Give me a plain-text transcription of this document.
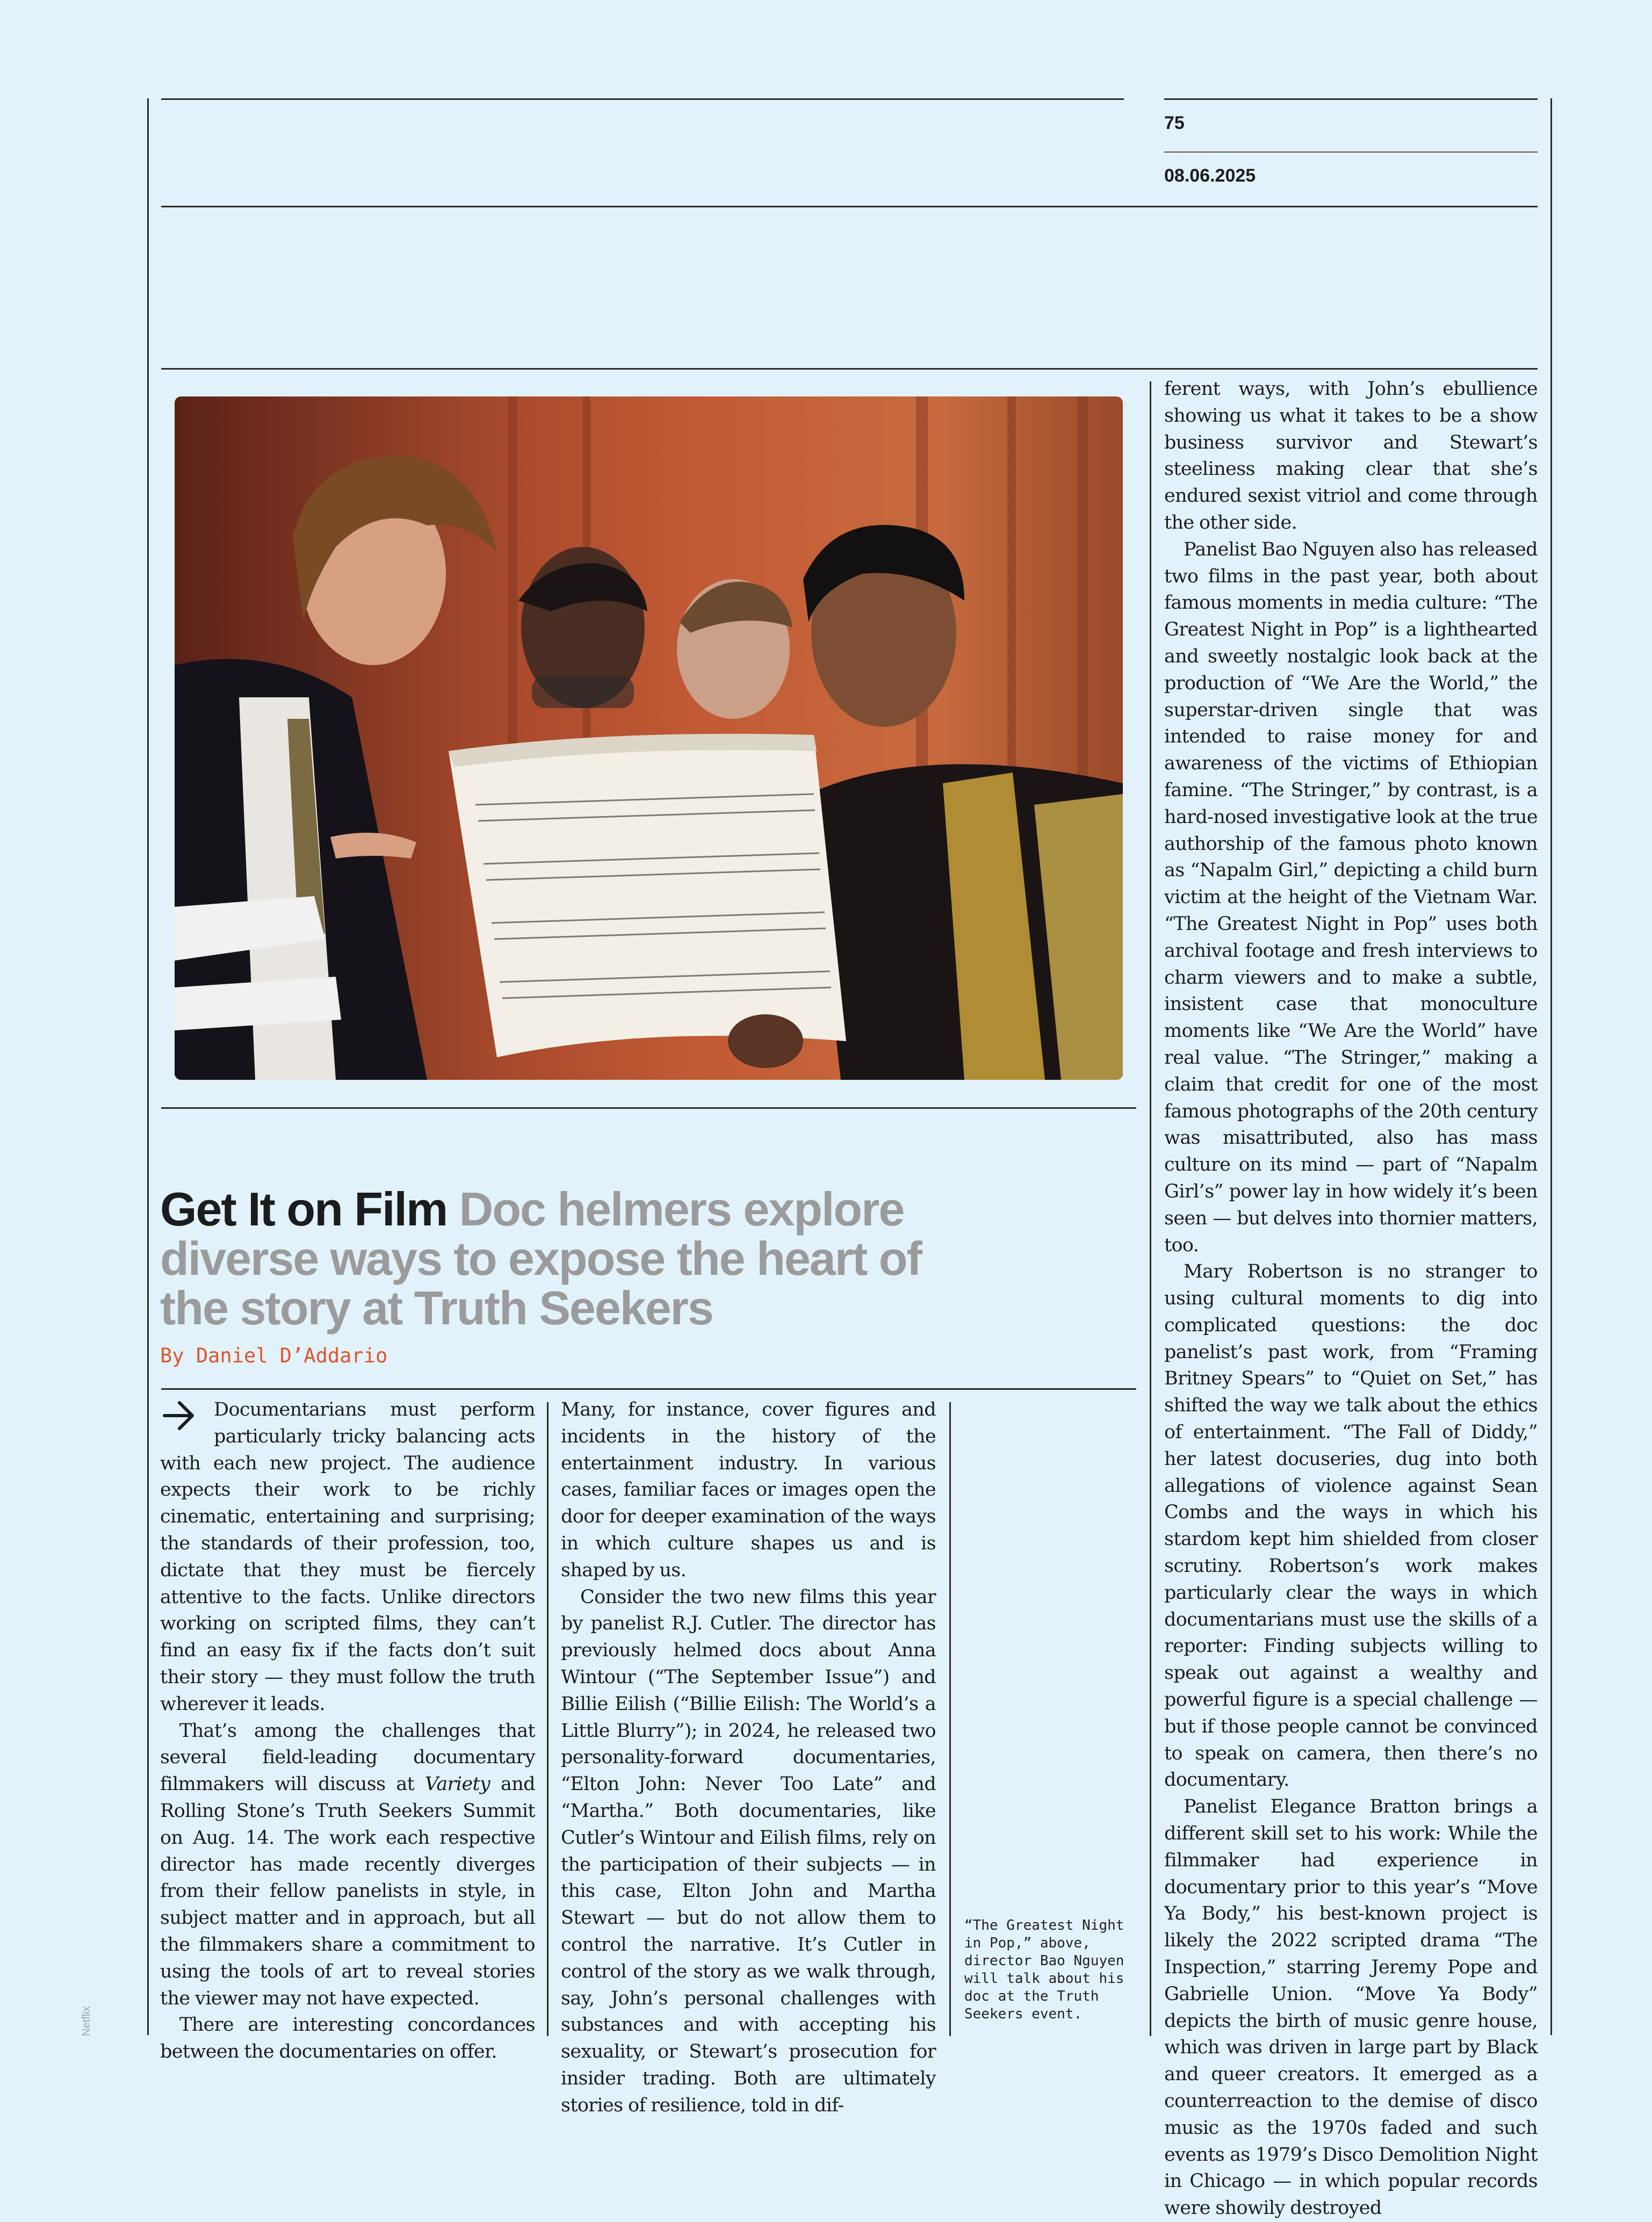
75
08.06.2025
Get It on Film Doc helmers explore diverse ways to expose the heart of the story at Truth Seekers
By Daniel D’Addario

Documentarians must perform particularly tricky balancing acts with each new project. The audience expects their work to be richly cinematic, entertaining and surprising; the standards of their profession, too, dictate that they must be fiercely attentive to the facts. Unlike directors working on scripted films, they can’t find an easy fix if the facts don’t suit their story — they must follow the truth wherever it leads.

That’s among the challenges that several field-leading documentary filmmakers will discuss at Variety and Rolling Stone’s Truth Seekers Summit on Aug. 14. The work each respective director has made recently diverges from their fellow panelists in style, in subject matter and in approach, but all the filmmakers share a commitment to using the tools of art to reveal stories the viewer may not have expected.

There are interesting concordances between the documentaries on offer.

Many, for instance, cover figures and incidents in the history of the entertainment industry. In various cases, familiar faces or images open the door for deeper examination of the ways in which culture shapes us and is shaped by us.

Consider the two new films this year by panelist R.J. Cutler. The director has previously helmed docs about Anna Wintour (“The September Issue”) and Billie Eilish (“Billie Eilish: The World’s a Little Blurry”); in 2024, he released two personality-forward documentaries, “Elton John: Never Too Late” and “Martha.” Both documentaries, like Cutler’s Wintour and Eilish films, rely on the participation of their subjects — in this case, Elton John and Martha Stewart — but do not allow them to control the narrative. It’s Cutler in control of the story as we walk through, say, John’s personal challenges with substances and with accepting his sexuality, or Stewart’s prosecution for insider trading. Both are ultimately stories of resilience, told in dif-

“The Greatest Night in Pop,” above, director Bao Nguyen will talk about his doc at the Truth Seekers event.

ferent ways, with John’s ebullience showing us what it takes to be a show business survivor and Stewart’s steeliness making clear that she’s endured sexist vitriol and come through the other side.

Panelist Bao Nguyen also has released two films in the past year, both about famous moments in media culture: “The Greatest Night in Pop” is a lighthearted and sweetly nostalgic look back at the production of “We Are the World,” the superstar-driven single that was intended to raise money for and awareness of the victims of Ethiopian famine. “The Stringer,” by contrast, is a hard-nosed investigative look at the true authorship of the famous photo known as “Napalm Girl,” depicting a child burn victim at the height of the Vietnam War. “The Greatest Night in Pop” uses both archival footage and fresh interviews to charm viewers and to make a subtle, insistent case that monoculture moments like “We Are the World” have real value. “The Stringer,” making a claim that credit for one of the most famous photographs of the 20th century was misattributed, also has mass culture on its mind — part of “Napalm Girl’s” power lay in how widely it’s been seen — but delves into thornier matters, too.

Mary Robertson is no stranger to using cultural moments to dig into complicated questions: the doc panelist’s past work, from “Framing Britney Spears” to “Quiet on Set,” has shifted the way we talk about the ethics of entertainment. “The Fall of Diddy,” her latest docuseries, dug into both allegations of violence against Sean Combs and the ways in which his stardom kept him shielded from closer scrutiny. Robertson’s work makes particularly clear the ways in which documentarians must use the skills of a reporter: Finding subjects willing to speak out against a wealthy and powerful figure is a special challenge — but if those people cannot be convinced to speak on camera, then there’s no documentary.

Panelist Elegance Bratton brings a different skill set to his work: While the filmmaker had experience in documentary prior to this year’s “Move Ya Body,” his best-known project is likely the 2022 scripted drama “The Inspection,” starring Jeremy Pope and Gabrielle Union. “Move Ya Body” depicts the birth of music genre house, which was driven in large part by Black and queer creators. It emerged as a counterreaction to the demise of disco music as the 1970s faded and such events as 1979’s Disco Demolition Night in Chicago — in which popular records were showily destroyed

Netflix
